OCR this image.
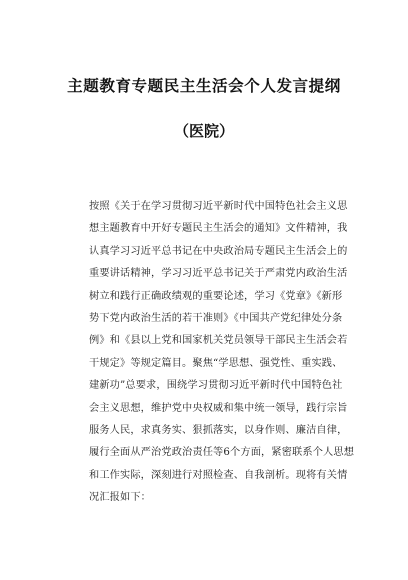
主题教育专题民主生活会个人发言提纲
（医院）
按照《关于在学习贯彻习近平新时代中国特色社会主义思
想主题教育中开好专题民主生活会的通知》文件精神，我
认真学习习近平总书记在中央政治局专题民主生活会上的
重要讲话精神，学习习近平总书记关于严肃党内政治生活
树立和践行正确政绩观的重要论述，学习《党章》《新形
势下党内政治生活的若干准则》《中国共产党纪律处分条
例》和《县以上党和国家机关党员领导干部民主生活会若
干规定》等规定篇目。聚焦“学思想、强党性、重实践、
建新功”总要求，围绕学习贯彻习近平新时代中国特色社
会主义思想，维护党中央权威和集中统一领导，践行宗旨
服务人民，求真务实、狠抓落实，以身作则、廉洁自律，
履行全面从严治党政治责任等6个方面，紧密联系个人思想
和工作实际，深刻进行对照检查、自我剖析。现将有关情
况汇报如下：
